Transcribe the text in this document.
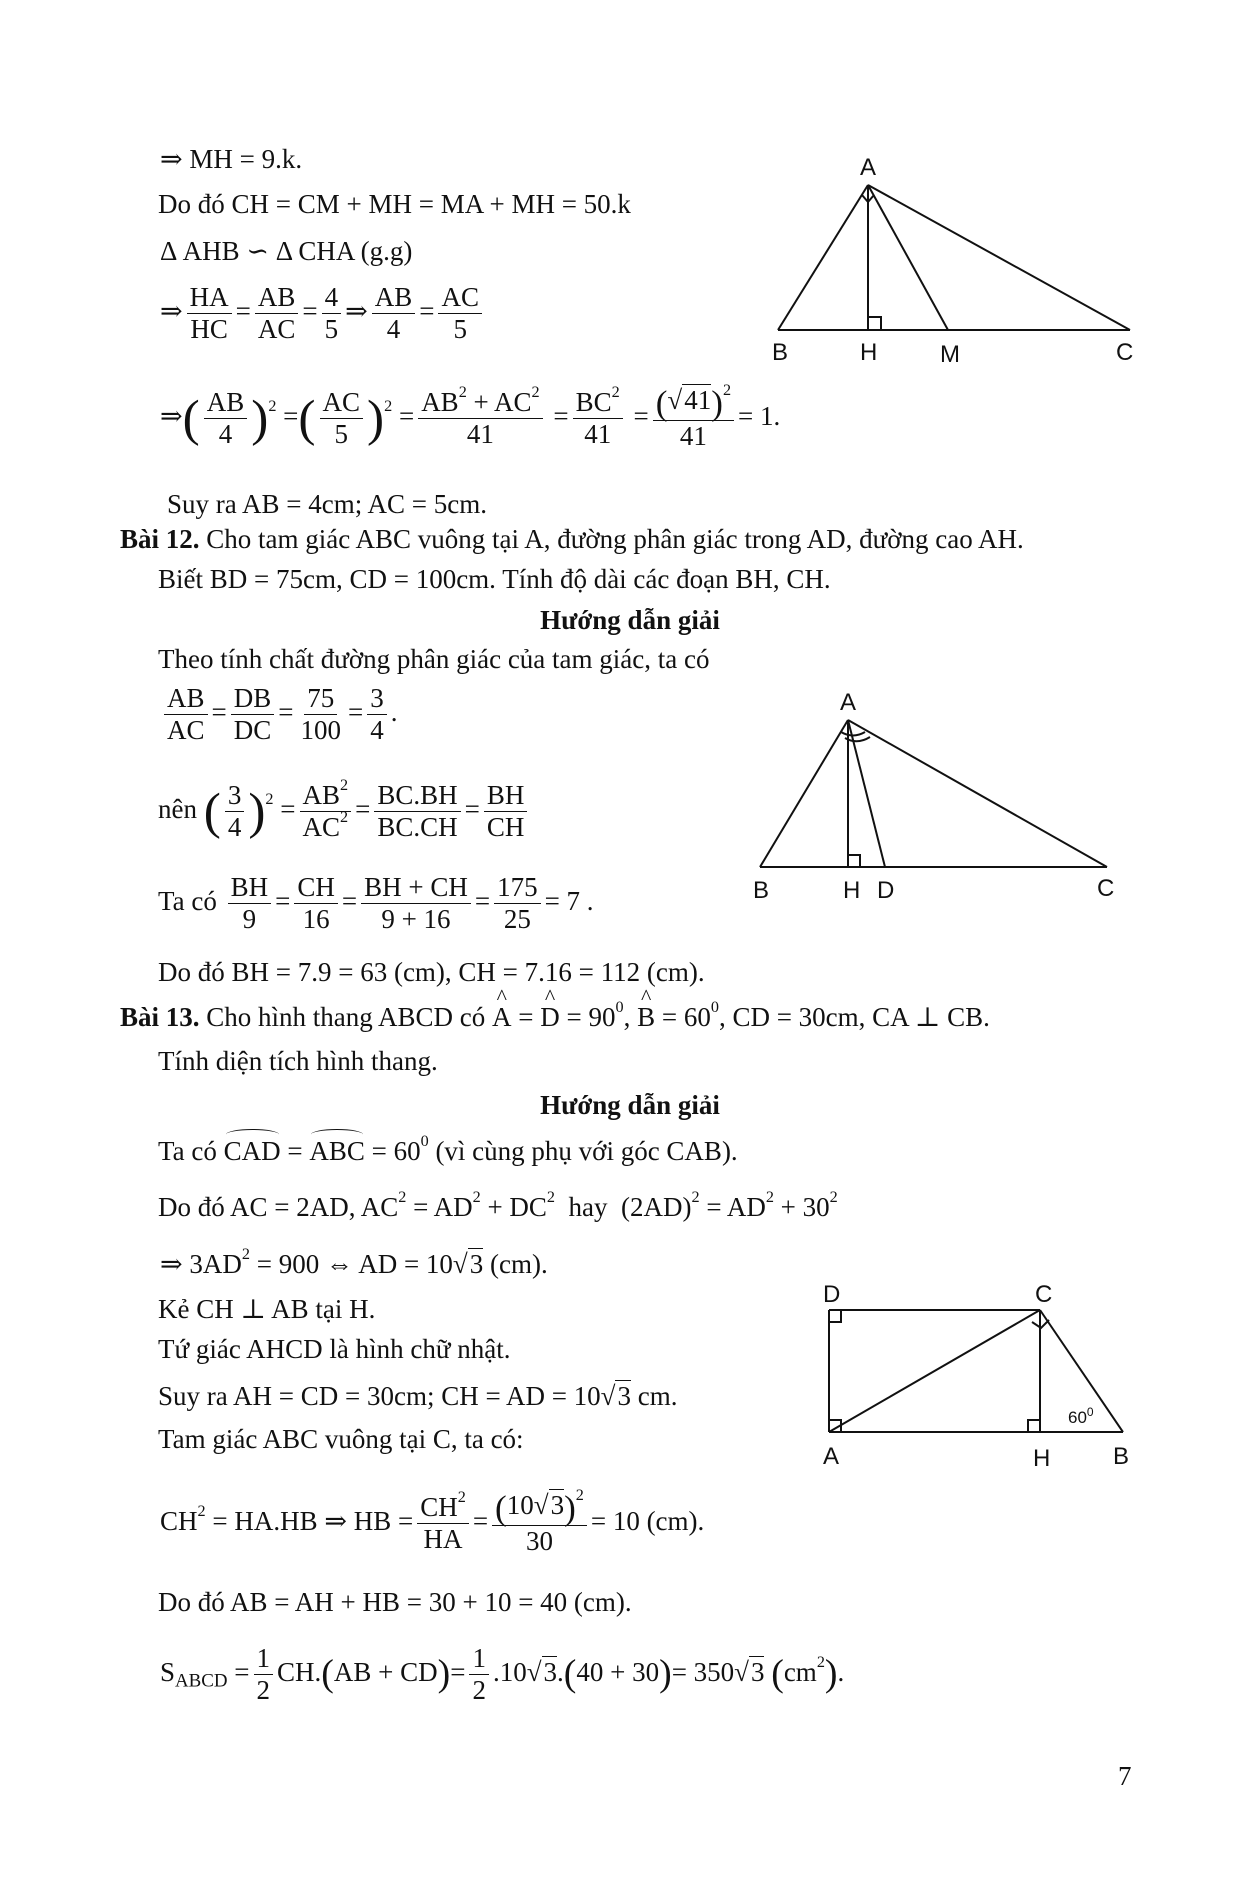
⇒ MH = 9.k.
Do đó CH = CM + MH = MA + MH = 50.k
Δ AHB ∽ Δ CHA (g.g)
⇒ $\frac{HA}{HC} = \frac{AB}{AC} = \frac{4}{5}$ ⇒ $\frac{AB}{4} = \frac{AC}{5}$
⇒( $\frac{AB}{4} )^2$ =( $\frac{AC}{5} )^2 = \frac{AB^2 + AC^2}{41} = \frac{BC^2}{41} = \frac{(√41)^2}{41} = 1$.
Suy ra AB = 4cm; AC = 5cm.
A
B	H	M	C
Bài 12. Cho tam giác ABC vuông tại A, đường phân giác trong AD, đường cao AH.
Biết BD = 75cm, CD = 100cm. Tính độ dài các đoạn BH, CH.
Hướng dẫn giải
Theo tính chất đường phân giác của tam giác, ta có
$\frac{AB}{AC} = \frac{DB}{DC} = \frac{75}{100} = \frac{3}{4}$ .
nên ( $\frac{3}{4} )^2 = \frac{AB^2}{AC^2} = \frac{BC.BH}{BC.CH} = \frac{BH}{CH}$
Ta có $\frac{BH}{9} = \frac{CH}{16} = \frac{BH + CH}{9 + 16} = \frac{175}{25} = 7$ .
Do đó BH = 7.9 = 63 (cm), CH = 7.16 = 112 (cm).
A
B	H D	C
Bài 13. Cho hình thang ABCD có ^ A = ^ $D = 90^0$, ^ $B = 60^0$, CD = 30cm, CA ⊥ CB.
Tính diện tích hình thang.
Hướng dẫn giải
Ta có CAD = ABC = $60^0$ (vì cùng phụ với góc CAB).
Do đó AC = 2AD, $AC^2 = AD^2 + DC^2$  hay  $(2AD)^2 = AD^2 + 30^2$
⇒ $3AD^2 = 900$ ⇔ AD = 10√3 (cm).
Kẻ CH ⊥ AB tại H.
Tứ giác AHCD là hình chữ nhật.
Suy ra AH = CD = 30cm; CH = AD = 10√3 cm.
Tam giác ABC vuông tại C, ta có:
$CH^2 = HA.HB$ ⇒ HB = $\frac{CH^2}{HA} = \frac{(10√3)^2}{30} = 10$ (cm).
Do đó AB = AH + HB = 30 + 10 = 40 (cm).
$S_{ABCD} = \frac{1}{2} CH.(AB + CD)= \frac{1}{2} .10√3.(40 + 30)= 350√3$ $(cm^2)$.
D	C
A	H	B
$60^0$
7
